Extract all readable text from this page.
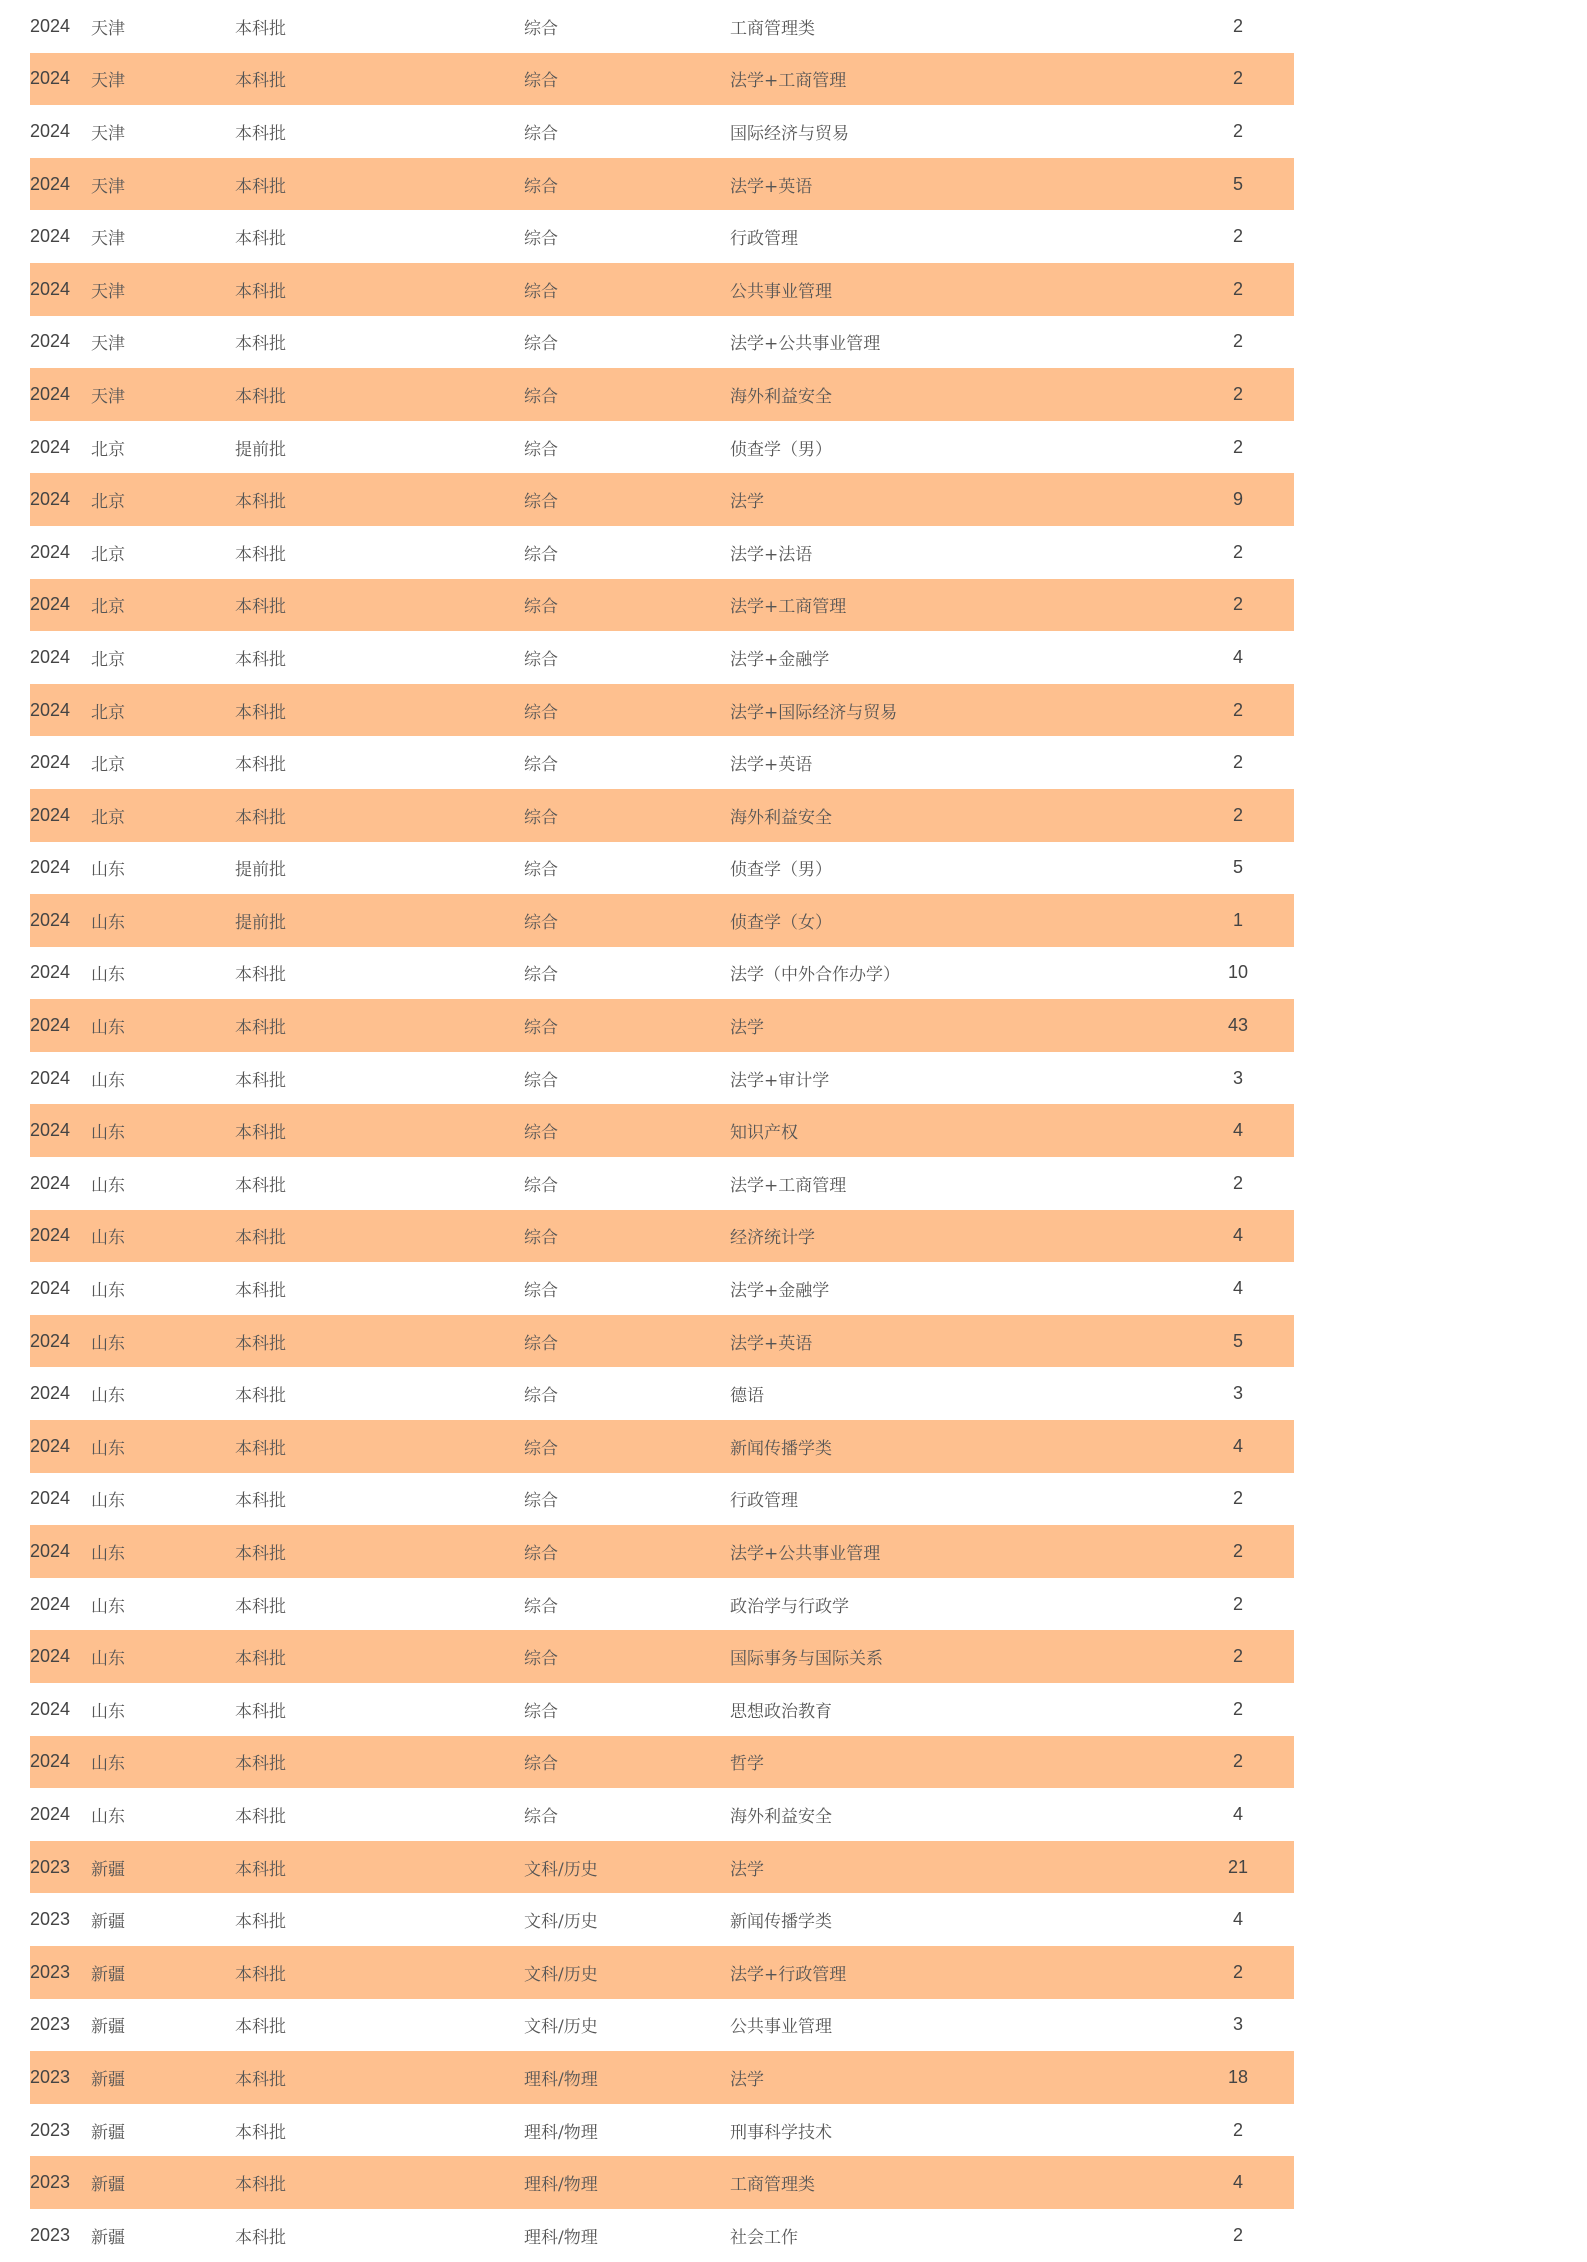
2024 天津	本科批	综合	工商管理类	2
2024 天津	本科批	综合	法学+工商管理	2
2024 天津	本科批	综合	国际经济与贸易	2
2024 天津	本科批	综合	法学+英语	5
2024 天津	本科批	综合	行政管理	2
2024 天津	本科批	综合	公共事业管理	2
2024 天津	本科批	综合	法学+公共事业管理	2
2024 天津	本科批	综合	海外利益安全	2
2024 北京	提前批	综合	侦查学（男）	2
2024 北京	本科批	综合	法学	9
2024 北京	本科批	综合	法学+法语	2
2024 北京	本科批	综合	法学+工商管理	2
2024 北京	本科批	综合	法学+金融学	4
2024 北京	本科批	综合	法学+国际经济与贸易	2
2024 北京	本科批	综合	法学+英语	2
2024 北京	本科批	综合	海外利益安全	2
2024 山东	提前批	综合	侦查学（男）	5
2024 山东	提前批	综合	侦查学（女）	1
2024 山东	本科批	综合	法学（中外合作办学）	10
2024 山东	本科批	综合	法学	43
2024 山东	本科批	综合	法学+审计学	3
2024 山东	本科批	综合	知识产权	4
2024 山东	本科批	综合	法学+工商管理	2
2024 山东	本科批	综合	经济统计学	4
2024 山东	本科批	综合	法学+金融学	4
2024 山东	本科批	综合	法学+英语	5
2024 山东	本科批	综合	德语	3
2024 山东	本科批	综合	新闻传播学类	4
2024 山东	本科批	综合	行政管理	2
2024 山东	本科批	综合	法学+公共事业管理	2
2024 山东	本科批	综合	政治学与行政学	2
2024 山东	本科批	综合	国际事务与国际关系	2
2024 山东	本科批	综合	思想政治教育	2
2024 山东	本科批	综合	哲学	2
2024 山东	本科批	综合	海外利益安全	4
2023 新疆	本科批	文科/历史	法学	21
2023 新疆	本科批	文科/历史	新闻传播学类	4
2023 新疆	本科批	文科/历史	法学+行政管理	2
2023 新疆	本科批	文科/历史	公共事业管理	3
2023 新疆	本科批	理科/物理	法学	18
2023 新疆	本科批	理科/物理	刑事科学技术	2
2023 新疆	本科批	理科/物理	工商管理类	4
2023 新疆	本科批	理科/物理	社会工作	2
